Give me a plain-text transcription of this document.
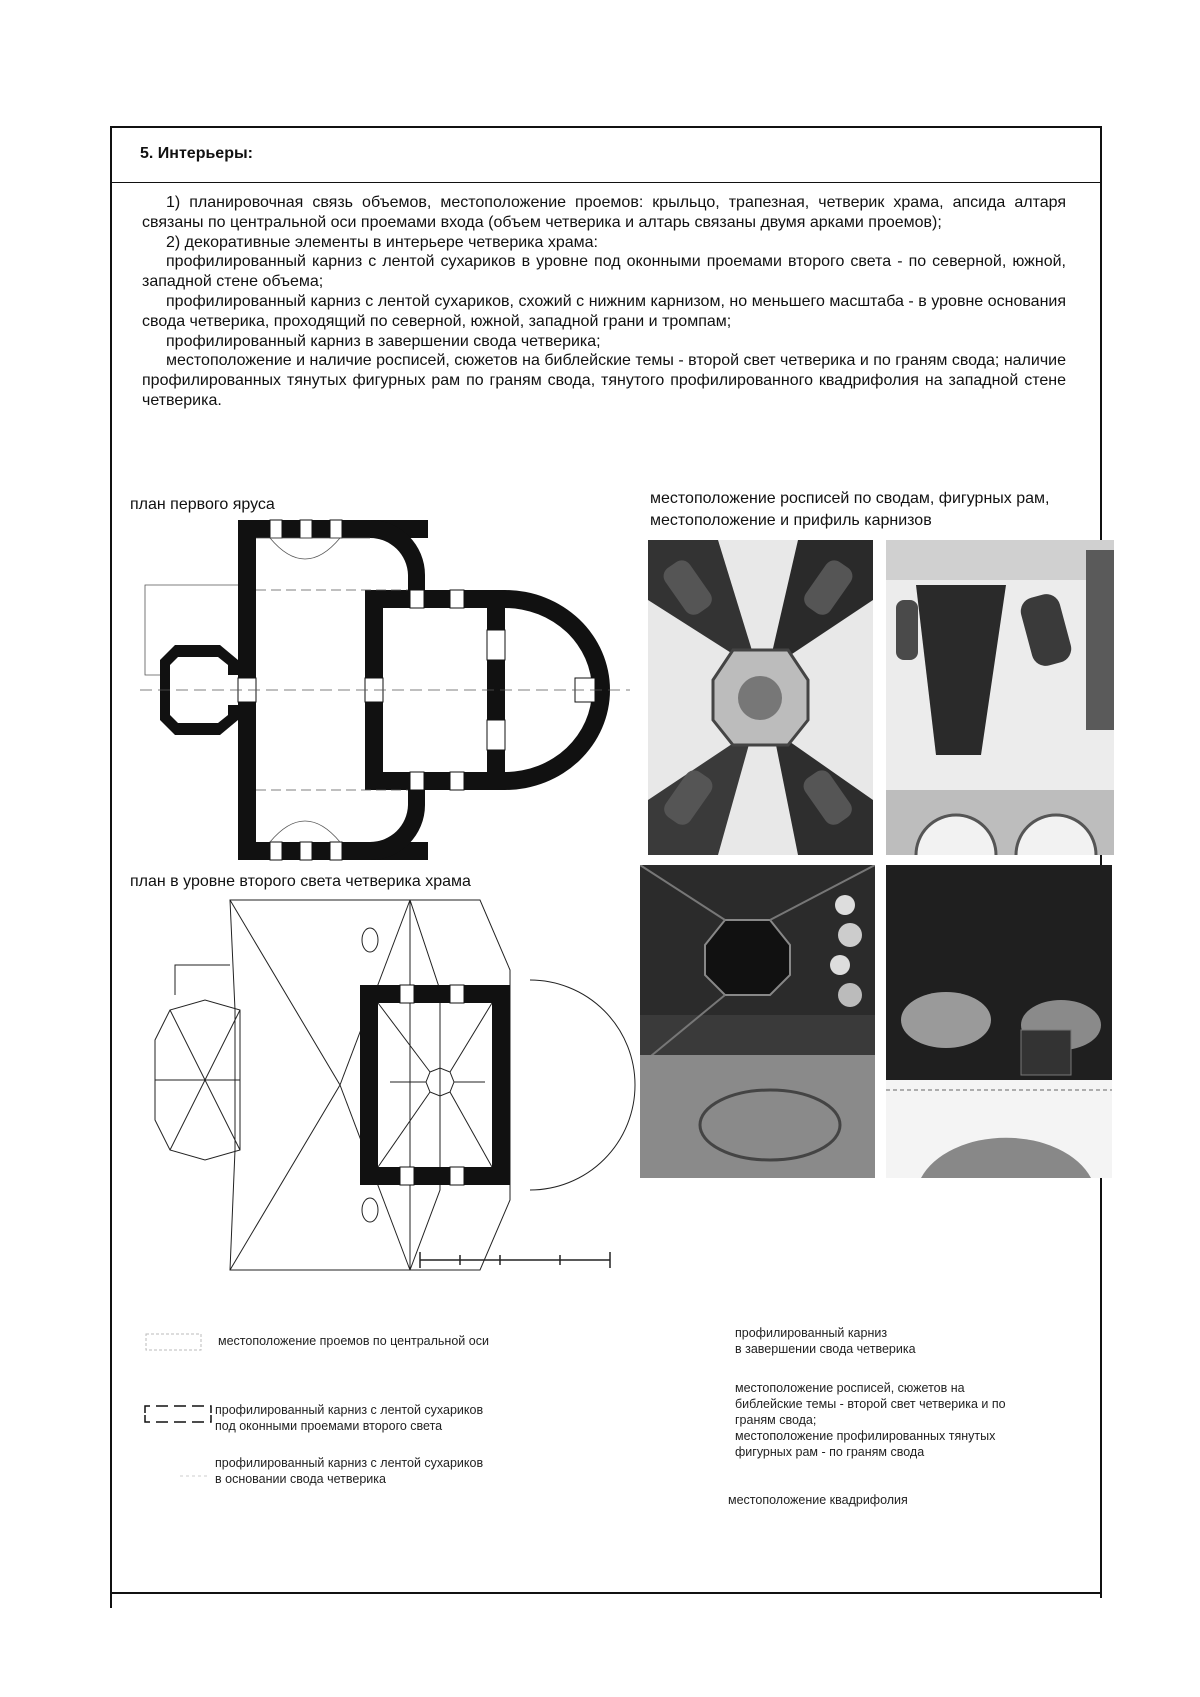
5. Интерьеры:

1) планировочная связь объемов, местоположение проемов: крыльцо, трапезная, четверик храма, апсида алтаря связаны по центральной оси проемами входа (объем четверика и алтарь связаны двумя арками проемов);

2) декоративные элементы в интерьере четверика храма:

профилированный карниз с лентой сухариков в уровне под оконными проемами второго света - по северной, южной, западной стене объема;

профилированный карниз с лентой сухариков, схожий с нижним карнизом, но меньшего масштаба - в уровне основания свода четверика, проходящий по северной, южной, западной грани и тромпам;

профилированный карниз в завершении свода четверика;

местоположение и наличие росписей, сюжетов на библейские темы - второй свет четверика и по граням свода; наличие профилированных тянутых фигурных рам по граням свода, тянутого профилированного квадрифолия на западной стене четверика.

план первого яруса
план в уровне второго света четверика храма
местоположение росписей по сводам, фигурных рам,
местоположение и прифиль карнизов
местоположение проемов по центральной оси
профилированный карниз с лентой сухариков
под оконными проемами второго света
профилированный карниз с лентой сухариков
в основании свода четверика
профилированный карниз
в завершении свода четверика
местоположение росписей, сюжетов на
библейские темы - второй свет четверика и по
граням свода;
местоположение профилированных тянутых
фигурных рам - по граням свода
местоположение квадрифолия
